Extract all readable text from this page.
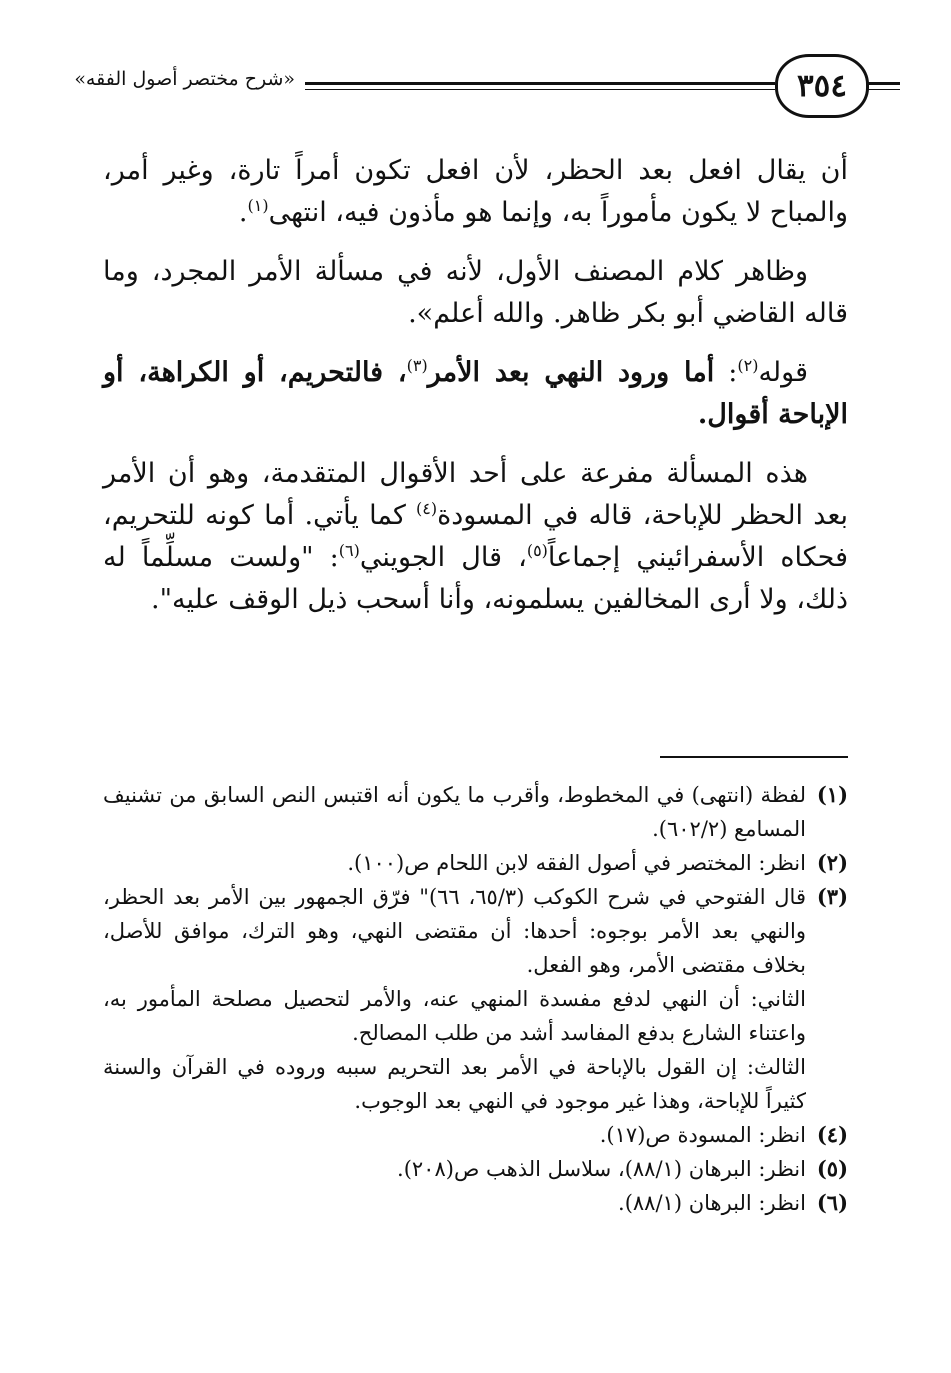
«شرح مختصر أصول الفقه»	٣٥٤

أن يقال افعل بعد الحظر، لأن افعل تكون أمراً تارة، وغير أمر، والمباح لا يكون مأموراً به، وإنما هو مأذون فيه، انتهى$^{(١)}$.

وظاهر كلام المصنف الأول، لأنه في مسألة الأمر المجرد، وما قاله القاضي أبو بكر ظاهر. والله أعلم».

قوله$^{(٢)}$: أما ورود النهي بعد الأمر$^{(٣)}$، فالتحريم، أو الكراهة، أو الإباحة أقوال.

هذه المسألة مفرعة على أحد الأقوال المتقدمة، وهو أن الأمر بعد الحظر للإباحة، قاله في المسودة$^{(٤)}$ كما يأتي. أما كونه للتحريم، فحكاه الأسفرائيني إجماعاً$^{(٥)}$، قال الجويني$^{(٦)}$: "ولست مسلِّماً له ذلك، ولا أرى المخالفين يسلمونه، وأنا أسحب ذيل الوقف عليه".

(١)
لفظة (انتهى) في المخطوط، وأقرب ما يكون أنه اقتبس النص السابق من تشنيف المسامع (٦٠٢/٢).
(٢)
انظر: المختصر في أصول الفقه لابن اللحام ص(١٠٠).
(٣)
قال الفتوحي في شرح الكوكب (٦٥/٣، ٦٦)" فرّق الجمهور بين الأمر بعد الحظر، والنهي بعد الأمر بوجوه: أحدها: أن مقتضى النهي، وهو الترك، موافق للأصل، بخلاف مقتضى الأمر، وهو الفعل.
الثاني: أن النهي لدفع مفسدة المنهي عنه، والأمر لتحصيل مصلحة المأمور به، واعتناء الشارع بدفع المفاسد أشد من طلب المصالح.
الثالث: إن القول بالإباحة في الأمر بعد التحريم سببه وروده في القرآن والسنة كثيراً للإباحة، وهذا غير موجود في النهي بعد الوجوب.
(٤)
انظر: المسودة ص(١٧).
(٥)
انظر: البرهان (٨٨/١)، سلاسل الذهب ص(٢٠٨).
(٦)
انظر: البرهان (٨٨/١).
